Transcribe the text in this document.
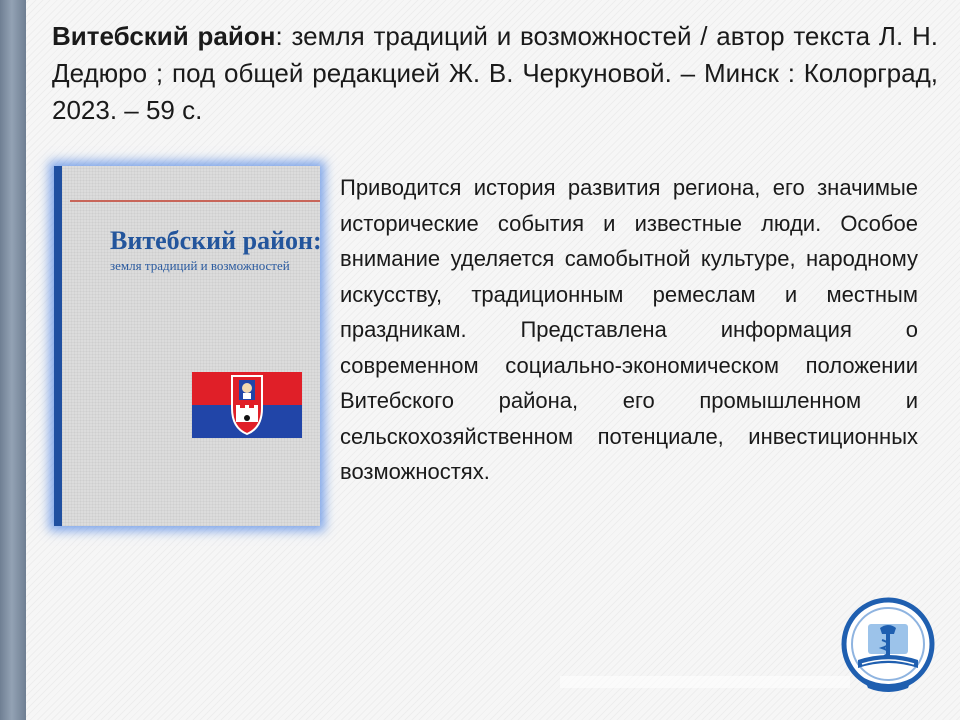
Витебский район: земля традиций и возможностей / автор текста Л. Н. Дедюро ; под общей редакцией Ж. В. Черкуновой. – Минск : Колорград, 2023. – 59 с.

Витебский район:

земля традиций и возможностей

Приводится история развития региона, его значимые исторические события и известные люди. Особое внимание уделяется самобытной культуре, народному искусству, традиционным ремеслам и местным праздникам. Представлена информация о современном социально-экономическом положении Витебского района, его промышленном и сельскохозяйственном потенциале, инвестиционных возможностях.
